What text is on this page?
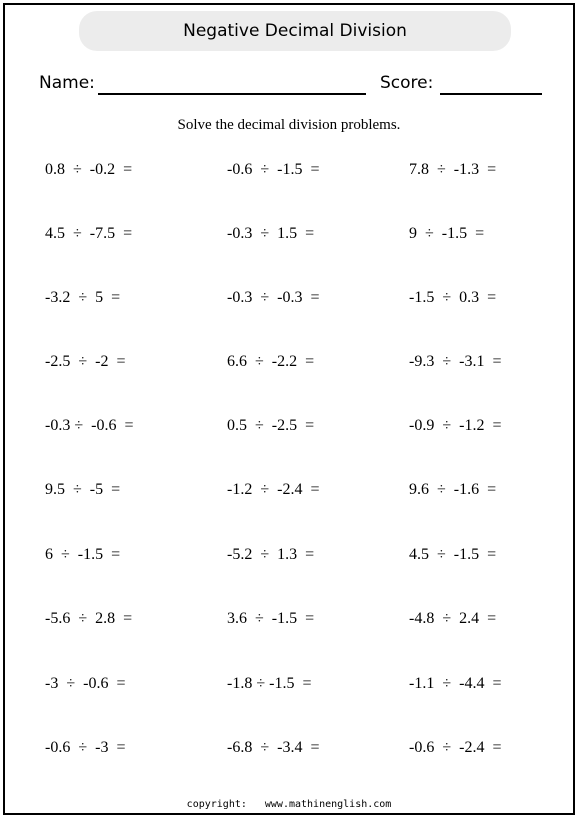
Negative Decimal Division
Name:	Score:
Solve the decimal division problems.
0.8  ÷  -0.2  =	-0.6  ÷  -1.5  =	7.8  ÷  -1.3  =
4.5  ÷  -7.5  =	-0.3  ÷  1.5  =	9  ÷  -1.5  =
-3.2  ÷  5  =	-0.3  ÷  -0.3  =	-1.5  ÷  0.3  =
-2.5  ÷  -2  =	6.6  ÷  -2.2  =	-9.3  ÷  -3.1  =
-0.3 ÷  -0.6  =	0.5  ÷  -2.5  =	-0.9  ÷  -1.2  =
9.5  ÷  -5  =	-1.2  ÷  -2.4  =	9.6  ÷  -1.6  =
6  ÷  -1.5  =	-5.2  ÷  1.3  =	4.5  ÷  -1.5  =
-5.6  ÷  2.8  =	3.6  ÷  -1.5  =	-4.8  ÷  2.4  =
-3  ÷  -0.6  =	-1.8 ÷ -1.5  =	-1.1  ÷  -4.4  =
-0.6  ÷  -3  =	-6.8  ÷  -3.4  =	-0.6  ÷  -2.4  =
copyright: www.mathinenglish.com
